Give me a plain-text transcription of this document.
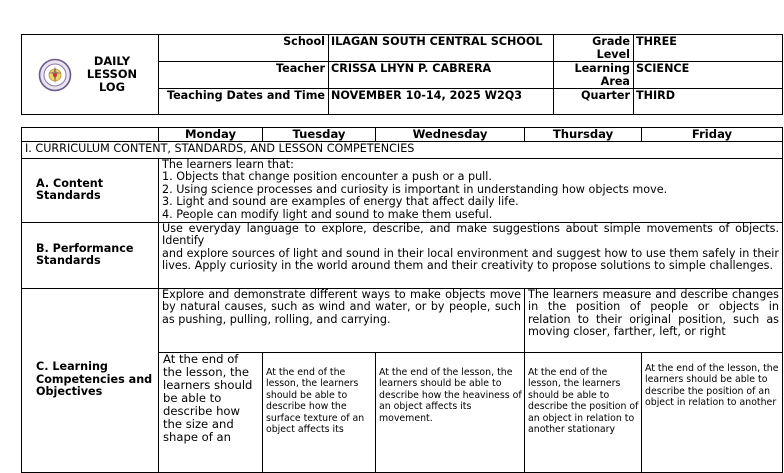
DAILY LESSON LOG	School	ILAGAN SOUTH CENTRAL SCHOOL	Grade Level	THREE
	Teacher	CRISSA LHYN P. CABRERA	Learning Area	SCIENCE
	Teaching Dates and Time	NOVEMBER 10-14, 2025 W2Q3	Quarter	THIRD
	Monday	Tuesday	Wednesday	Thursday	Friday
I. CURRICULUM CONTENT, STANDARDS, AND LESSON COMPETENCIES					
A. Content Standards	The learners learn that:
1. Objects that change position encounter a push or a pull.
2. Using science processes and curiosity is important in understanding how objects move.
3. Light and sound are examples of energy that affect daily life.
4. People can modify light and sound to make them useful.				

B. Performance Standards	Use everyday language to explore, describe, and make suggestions about simple movements of objects. Identify
and explore sources of light and sound in their local environment and suggest how to use them safely in their lives. Apply curiosity in the world around them and their creativity to propose solutions to simple challenges.				

C. Learning Competencies and Objectives	Explore and demonstrate different ways to make objects move by natural causes, such as wind and water, or by people, such as pushing, pulling, rolling, and carrying.			The learners measure and describe changes in the position of people or objects in relation to their original position, such as moving closer, farther, left, or right	
	At the end of the lesson, the learners should be able to describe how the size and shape of an	At the end of the lesson, the learners should be able to describe how the surface texture of an object affects its	At the end of the lesson, the learners should be able to describe how the heaviness of an object affects its movement.	At the end of the lesson, the learners should be able to describe the position of an object in relation to another stationary	At the end of the lesson, the learners should be able to describe the position of an object in relation to another
